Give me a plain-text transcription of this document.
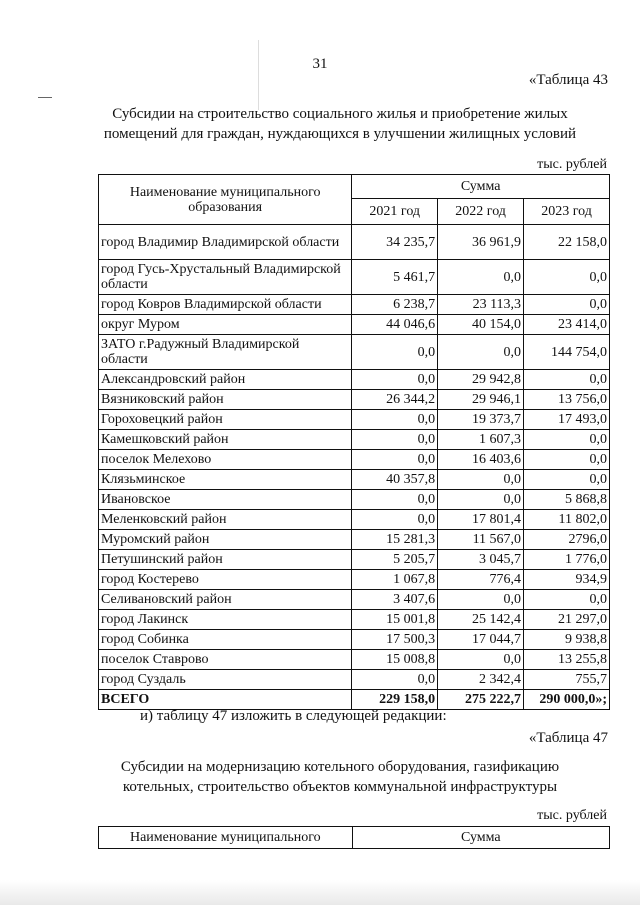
31
«Таблица 43
Субсидии на строительство социального жилья и приобретение жилых
помещений для граждан, нуждающихся в улучшении жилищных условий
тыс. рублей
Наименование муниципального образования	Сумма		
	2021 год	2022 год	2023 год
город Владимир Владимирской области	34 235,7	36 961,9	22 158,0
город Гусь-Хрустальный Владимирской области	5 461,7	0,0	0,0
город Ковров Владимирской области	6 238,7	23 113,3	0,0
округ Муром	44 046,6	40 154,0	23 414,0
ЗАТО г.Радужный Владимирской области	0,0	0,0	144 754,0
Александровский район	0,0	29 942,8	0,0
Вязниковский район	26 344,2	29 946,1	13 756,0
Гороховецкий район	0,0	19 373,7	17 493,0
Камешковский район	0,0	1 607,3	0,0
поселок Мелехово	0,0	16 403,6	0,0
Клязьминское	40 357,8	0,0	0,0
Ивановское	0,0	0,0	5 868,8
Меленковский район	0,0	17 801,4	11 802,0
Муромский район	15 281,3	11 567,0	2796,0
Петушинский район	5 205,7	3 045,7	1 776,0
город Костерево	1 067,8	776,4	934,9
Селивановский район	3 407,6	0,0	0,0
город Лакинск	15 001,8	25 142,4	21 297,0
город Собинка	17 500,3	17 044,7	9 938,8
поселок Ставрово	15 008,8	0,0	13 255,8
город Суздаль	0,0	2 342,4	755,7
ВСЕГО	229 158,0	275 222,7	290 000,0»;
и) таблицу 47 изложить в следующей редакции:
«Таблица 47
Субсидии на модернизацию котельного оборудования, газификацию
котельных, строительство объектов коммунальной инфраструктуры
тыс. рублей
Наименование муниципального	Сумма
